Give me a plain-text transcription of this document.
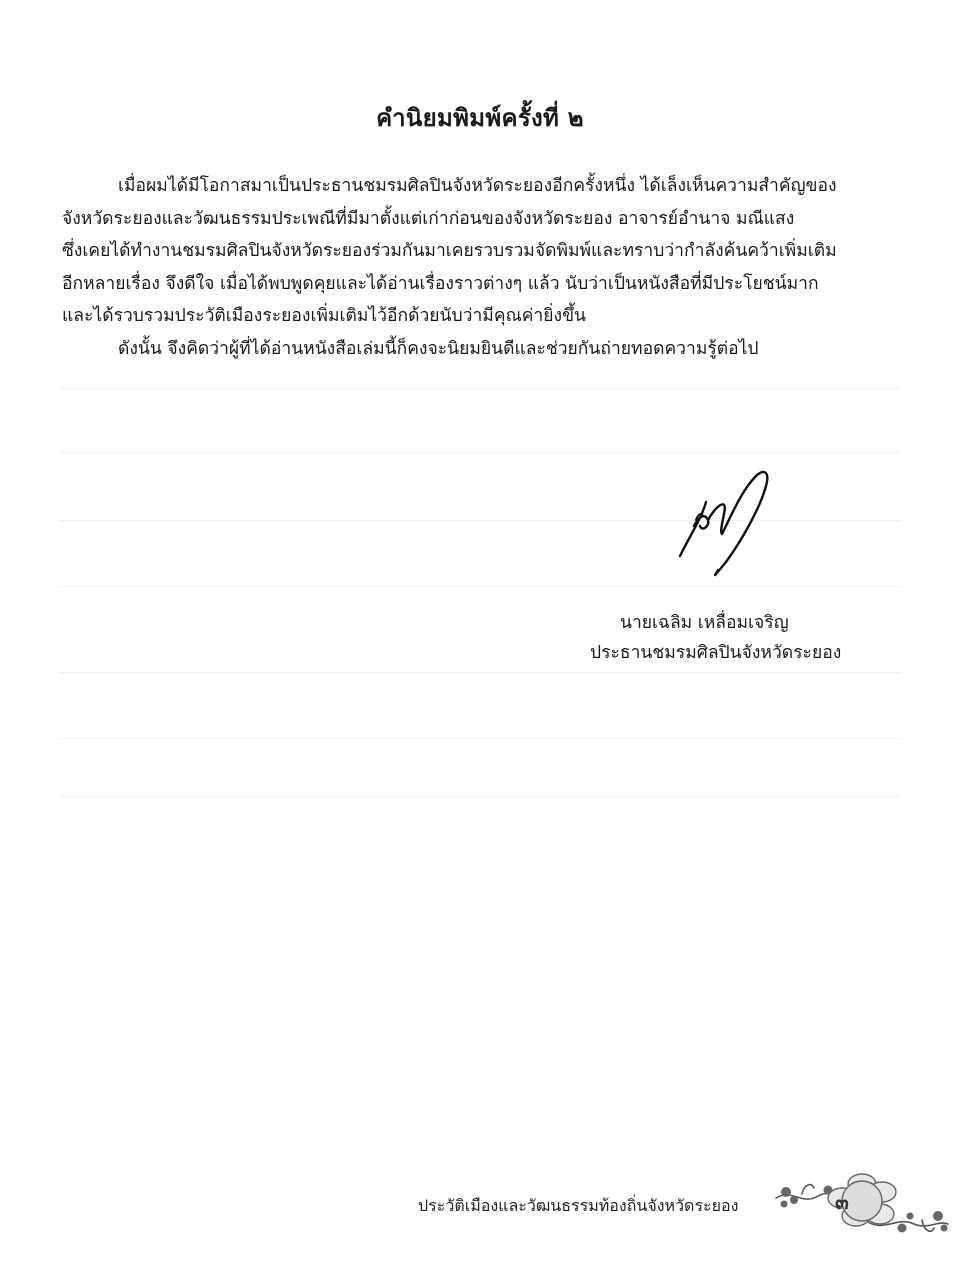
คำนิยมพิมพ์ครั้งที่ ๒

เมื่อผมได้มีโอกาสมาเป็นประธานชมรมศิลปินจังหวัดระยองอีกครั้งหนึ่ง ได้เล็งเห็นความสำคัญของ

จังหวัดระยองและวัฒนธรรมประเพณีที่มีมาตั้งแต่เก่าก่อนของจังหวัดระยอง อาจารย์อำนาจ มณีแสง

ซึ่งเคยได้ทำงานชมรมศิลปินจังหวัดระยองร่วมกันมาเคยรวบรวมจัดพิมพ์และทราบว่ากำลังค้นคว้าเพิ่มเติม

อีกหลายเรื่อง จึงดีใจ เมื่อได้พบพูดคุยและได้อ่านเรื่องราวต่างๆ แล้ว นับว่าเป็นหนังสือที่มีประโยชน์มาก

และได้รวบรวมประวัติเมืองระยองเพิ่มเติมไว้อีกด้วยนับว่ามีคุณค่ายิ่งขึ้น

ดังนั้น จึงคิดว่าผู้ที่ได้อ่านหนังสือเล่มนี้ก็คงจะนิยมยินดีและช่วยกันถ่ายทอดความรู้ต่อไป

นายเฉลิม เหลื่อมเจริญ
ประธานชมรมศิลปินจังหวัดระยอง
ประวัติเมืองและวัฒนธรรมท้องถิ่นจังหวัดระยอง	๓
